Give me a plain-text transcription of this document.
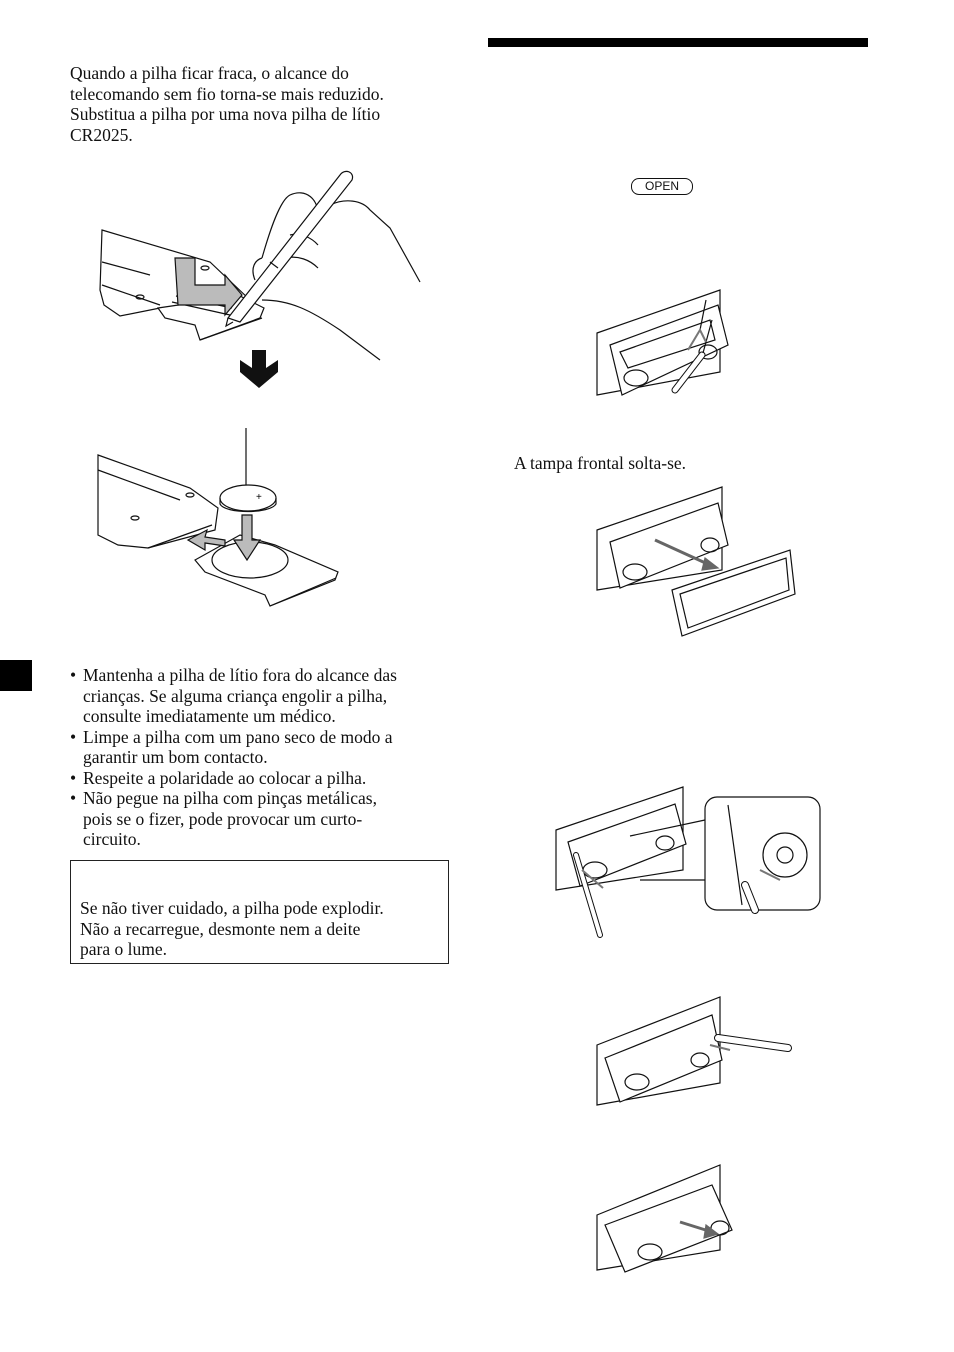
Quando a pilha ficar fraca, o alcance do
telecomando sem fio torna-se mais reduzido.
Substitua a pilha por uma nova pilha de lítio
CR2025.
+
• Mantenha a pilha de lítio fora do alcance das
crianças. Se alguma criança engolir a pilha,
consulte imediatamente um médico.
• Limpe a pilha com um pano seco de modo a
garantir um bom contacto.
• Respeite a polaridade ao colocar a pilha.
• Não pegue na pilha com pinças metálicas,
pois se o fizer, pode provocar um curto-
circuito.
Se não tiver cuidado, a pilha pode explodir.
Não a recarregue, desmonte nem a deite
para o lume.
OPEN
A tampa frontal solta-se.
